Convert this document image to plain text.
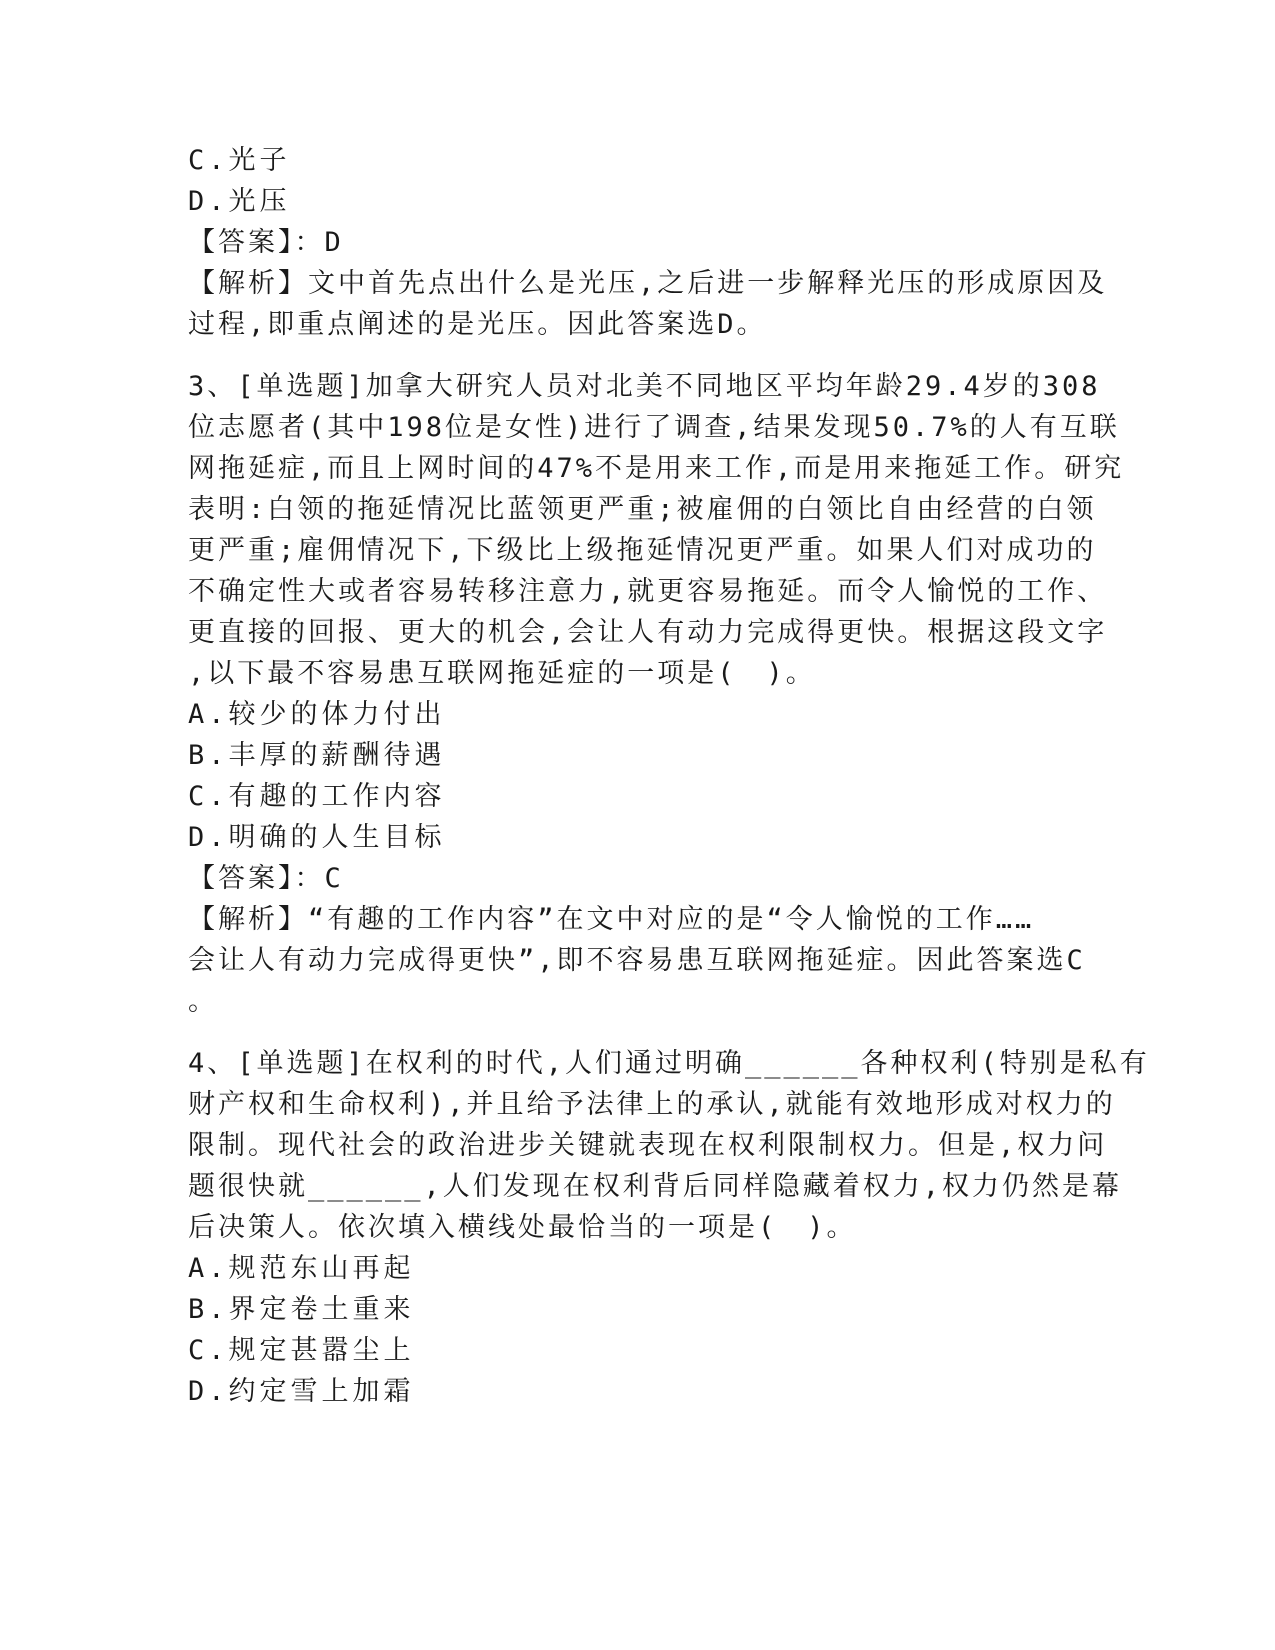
C.光子
D.光压
【答案】：D
【解析】文中首先点出什么是光压,之后进一步解释光压的形成原因及
过程,即重点阐述的是光压。因此答案选D。
3、[单选题]加拿大研究人员对北美不同地区平均年龄29.4岁的308
位志愿者(其中198位是女性)进行了调查,结果发现50.7%的人有互联
网拖延症,而且上网时间的47%不是用来工作,而是用来拖延工作。研究
表明:白领的拖延情况比蓝领更严重;被雇佣的白领比自由经营的白领
更严重;雇佣情况下,下级比上级拖延情况更严重。如果人们对成功的
不确定性大或者容易转移注意力,就更容易拖延。而令人愉悦的工作、
更直接的回报、更大的机会,会让人有动力完成得更快。根据这段文字
,以下最不容易患互联网拖延症的一项是(　)。
A.较少的体力付出
B.丰厚的薪酬待遇
C.有趣的工作内容
D.明确的人生目标
【答案】：C
【解析】“有趣的工作内容”在文中对应的是“令人愉悦的工作……
会让人有动力完成得更快”,即不容易患互联网拖延症。因此答案选C
。
4、[单选题]在权利的时代,人们通过明确______各种权利(特别是私有
财产权和生命权利),并且给予法律上的承认,就能有效地形成对权力的
限制。现代社会的政治进步关键就表现在权利限制权力。但是,权力问
题很快就______,人们发现在权利背后同样隐藏着权力,权力仍然是幕
后决策人。依次填入横线处最恰当的一项是(　)。
A.规范东山再起
B.界定卷土重来
C.规定甚嚣尘上
D.约定雪上加霜
